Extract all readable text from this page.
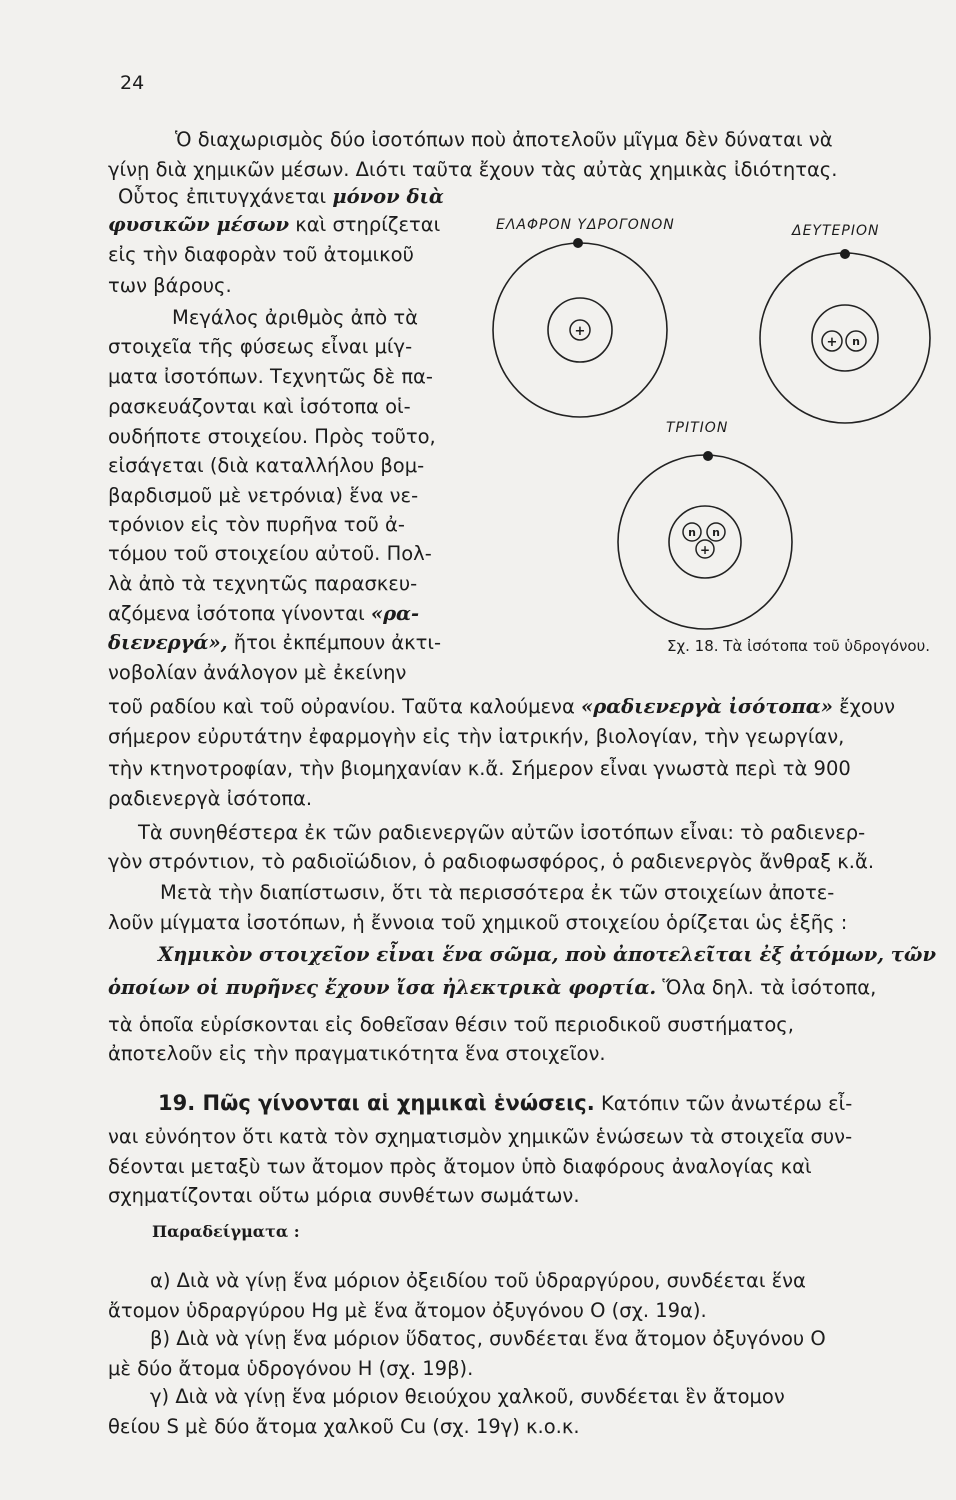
24
Ὁ διαχωρισμὸς δύο ἰσοτόπων ποὺ ἀποτελοῦν μῖγμα δὲν δύναται νὰ
γίνῃ διὰ χημικῶν μέσων. Διότι ταῦτα ἔχουν τὰς αὐτὰς χημικὰς ἰδιότητας.
Οὗτος ἐπιτυγχάνεται μόνον διὰ
φυσικῶν μέσων καὶ στηρίζεται
εἰς τὴν διαφορὰν τοῦ ἀτομικοῦ
των βάρους.
Μεγάλος ἀριθμὸς ἀπὸ τὰ
στοιχεῖα τῆς φύσεως εἶναι μίγ-
ματα ἰσοτόπων. Τεχνητῶς δὲ πα-
ρασκευάζονται καὶ ἰσότοπα οἱ-
ουδήποτε στοιχείου. Πρὸς τοῦτο,
εἰσάγεται (διὰ καταλλήλου βομ-
βαρδισμοῦ μὲ νετρόνια) ἕνα νε-
τρόνιον εἰς τὸν πυρῆνα τοῦ ἀ-
τόμου τοῦ στοιχείου αὐτοῦ. Πολ-
λὰ ἀπὸ τὰ τεχνητῶς παρασκευ-
αζόμενα ἰσότοπα γίνονται «ρα-
διενεργά», ἤτοι ἐκπέμπουν ἀκτι-
νοβολίαν ἀνάλογον μὲ ἐκείνην
+
+ n
n n
+
ΕΛΑΦΡΟΝ ΥΔΡΟΓΟΝΟΝ	ΔΕΥΤΕΡΙΟΝ
ΤΡΙΤΙΟΝ
Σχ. 18. Τὰ ἰσότοπα τοῦ ὑδρογόνου.
τοῦ ραδίου καὶ τοῦ οὐρανίου. Ταῦτα καλούμενα «ραδιενεργὰ ἰσότοπα» ἔχουν
σήμερον εὐρυτάτην ἐφαρμογὴν εἰς τὴν ἰατρικήν, βιολογίαν, τὴν γεωργίαν,
τὴν κτηνοτροφίαν, τὴν βιομηχανίαν κ.ἄ. Σήμερον εἶναι γνωστὰ περὶ τὰ 900
ραδιενεργὰ ἰσότοπα.
Τὰ συνηθέστερα ἐκ τῶν ραδιενεργῶν αὐτῶν ἰσοτόπων εἶναι: τὸ ραδιενερ-
γὸν στρόντιον, τὸ ραδιοϊώδιον, ὁ ραδιοφωσφόρος, ὁ ραδιενεργὸς ἄνθραξ κ.ἄ.
Μετὰ τὴν διαπίστωσιν, ὅτι τὰ περισσότερα ἐκ τῶν στοιχείων ἀποτε-
λοῦν μίγματα ἰσοτόπων, ἡ ἔννοια τοῦ χημικοῦ στοιχείου ὁρίζεται ὡς ἑξῆς :
Χημικὸν στοιχεῖον εἶναι ἕνα σῶμα, ποὺ ἀποτελεῖται ἐξ ἀτόμων, τῶν
ὁποίων οἱ πυρῆνες ἔχουν ἴσα ἠλεκτρικὰ φορτία. Ὅλα δηλ. τὰ ἰσότοπα,
τὰ ὁποῖα εὑρίσκονται εἰς δοθεῖσαν θέσιν τοῦ περιοδικοῦ συστήματος,
ἀποτελοῦν εἰς τὴν πραγματικότητα ἕνα στοιχεῖον.
19. Πῶς γίνονται αἱ χημικαὶ ἑνώσεις. Κατόπιν τῶν ἀνωτέρω εἶ-
ναι εὐνόητον ὅτι κατὰ τὸν σχηματισμὸν χημικῶν ἑνώσεων τὰ στοιχεῖα συν-
δέονται μεταξὺ των ἄτομον πρὸς ἄτομον ὑπὸ διαφόρους ἀναλογίας καὶ
σχηματίζονται οὕτω μόρια συνθέτων σωμάτων.
Παραδείγματα :
α) Διὰ νὰ γίνῃ ἕνα μόριον ὀξειδίου τοῦ ὑδραργύρου, συνδέεται ἕνα
ἄτομον ὑδραργύρου Hg μὲ ἕνα ἄτομον ὀξυγόνου O (σχ. 19α).
β) Διὰ νὰ γίνῃ ἕνα μόριον ὕδατος, συνδέεται ἕνα ἄτομον ὀξυγόνου O
μὲ δύο ἄτομα ὑδρογόνου H (σχ. 19β).
γ) Διὰ νὰ γίνῃ ἕνα μόριον θειούχου χαλκοῦ, συνδέεται ἓν ἄτομον
θείου S μὲ δύο ἄτομα χαλκοῦ Cu (σχ. 19γ) κ.ο.κ.
